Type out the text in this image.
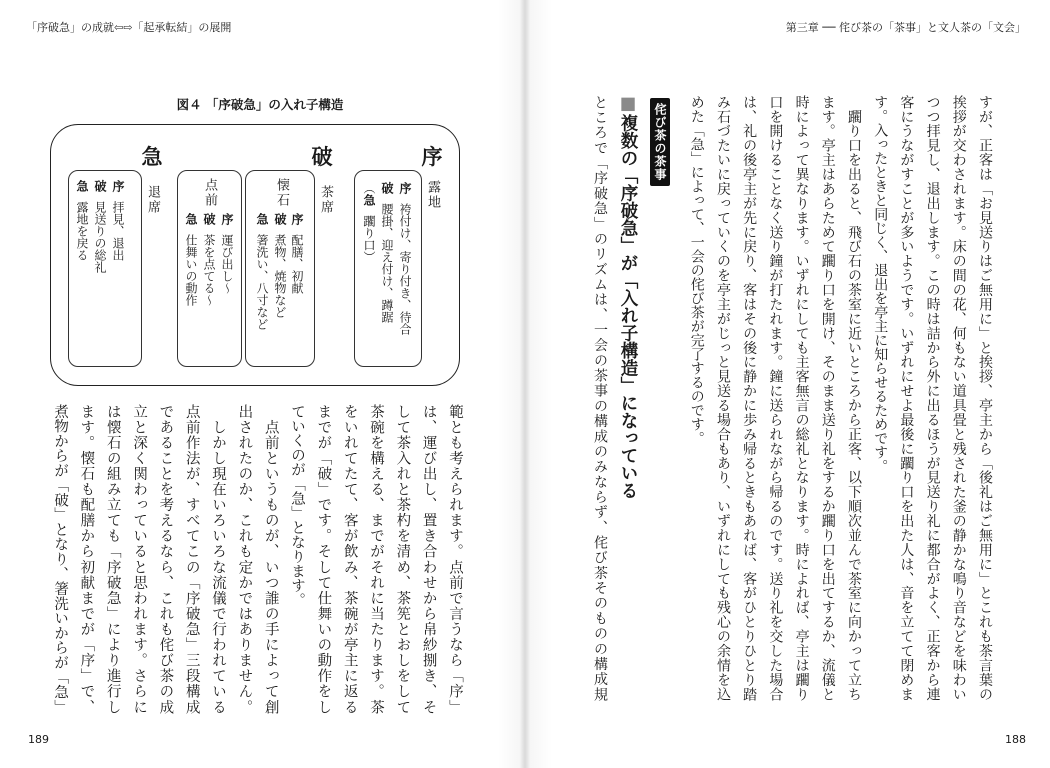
「序破急」の成就⇦⇨「起承転結」の展開
189
図４ 「序破急」の入れ子構造
急	破	序
退席
序拝見、退出
破見送りの総礼
急露地を戻る
茶席
懐石
序配膳、初献
破煮物、焼物など
急箸洗い、八寸など
点前
序運び出し〜
破茶を点てる〜
急仕舞いの動作
露地
序袴付け、寄り付き、待合
破腰掛、迎え付け、蹲踞
（急躙り口）
範とも考えられます。点前で言うなら「序」
は、運び出し、置き合わせから帛紗捌き、そ
して茶入れと茶杓を清め、茶筅とおしをして
茶碗を構える、までがそれに当たります。茶
をいれてたて、客が飲み、茶碗が亭主に返る
までが「破」です。そして仕舞いの動作をし
ていくのが「急」となります。
　点前というものが、いつ誰の手によって創
出されたのか、これも定かではありません。
　しかし現在いろいろな流儀で行われている
点前作法が、すべてこの「序破急」三段構成
であることを考えるなら、これも侘び茶の成
立と深く関わっていると思われます。さらに
は懐石の組み立ても「序破急」により進行し
ます。懐石も配膳から初献までが「序」で、
煮物からが「破」となり、箸洗いからが「急」
第三章 ── 侘び茶の「茶事」と文人茶の「文会」
188
すが、正客は「お見送りはご無用に」と挨拶、亭主から「後礼はご無用に」とこれも茶言葉の
挨拶が交わされます。床の間の花、何もない道具畳と残された釜の静かな鳴り音などを味わい
つつ拝見し、退出します。この時は詰から外に出るほうが見送り礼に都合がよく、正客から連
客にうながすことが多いようです。いずれにせよ最後に躙り口を出た人は、音を立てて閉めま
す。入ったときと同じく、退出を亭主に知らせるためです。
　躙り口を出ると、飛び石の茶室に近いところから正客、以下順次並んで茶室に向かって立ち
ます。亭主はあらためて躙り口を開け、そのまま送り礼をするか躙り口を出てするか、流儀と
時によって異なります。いずれにしても主客無言の総礼となります。時によれば、亭主は躙り
口を開けることなく送り鐘が打たれます。鐘に送られながら帰るのです。送り礼を交した場合
は、礼の後亭主が先に戻り、客はその後に静かに歩み帰るときもあれば、客がひとりひとり踏
み石づたいに戻っていくのを亭主がじっと見送る場合もあり、いずれにしても残心の余情を込
めた「急」によって、一会の侘び茶が完了するのです。
侘び茶の茶事
■複数の「序破急」が「入れ子構造」になっている
ところで「序破急」のリズムは、一会の茶事の構成のみならず、侘び茶そのものの構成規
